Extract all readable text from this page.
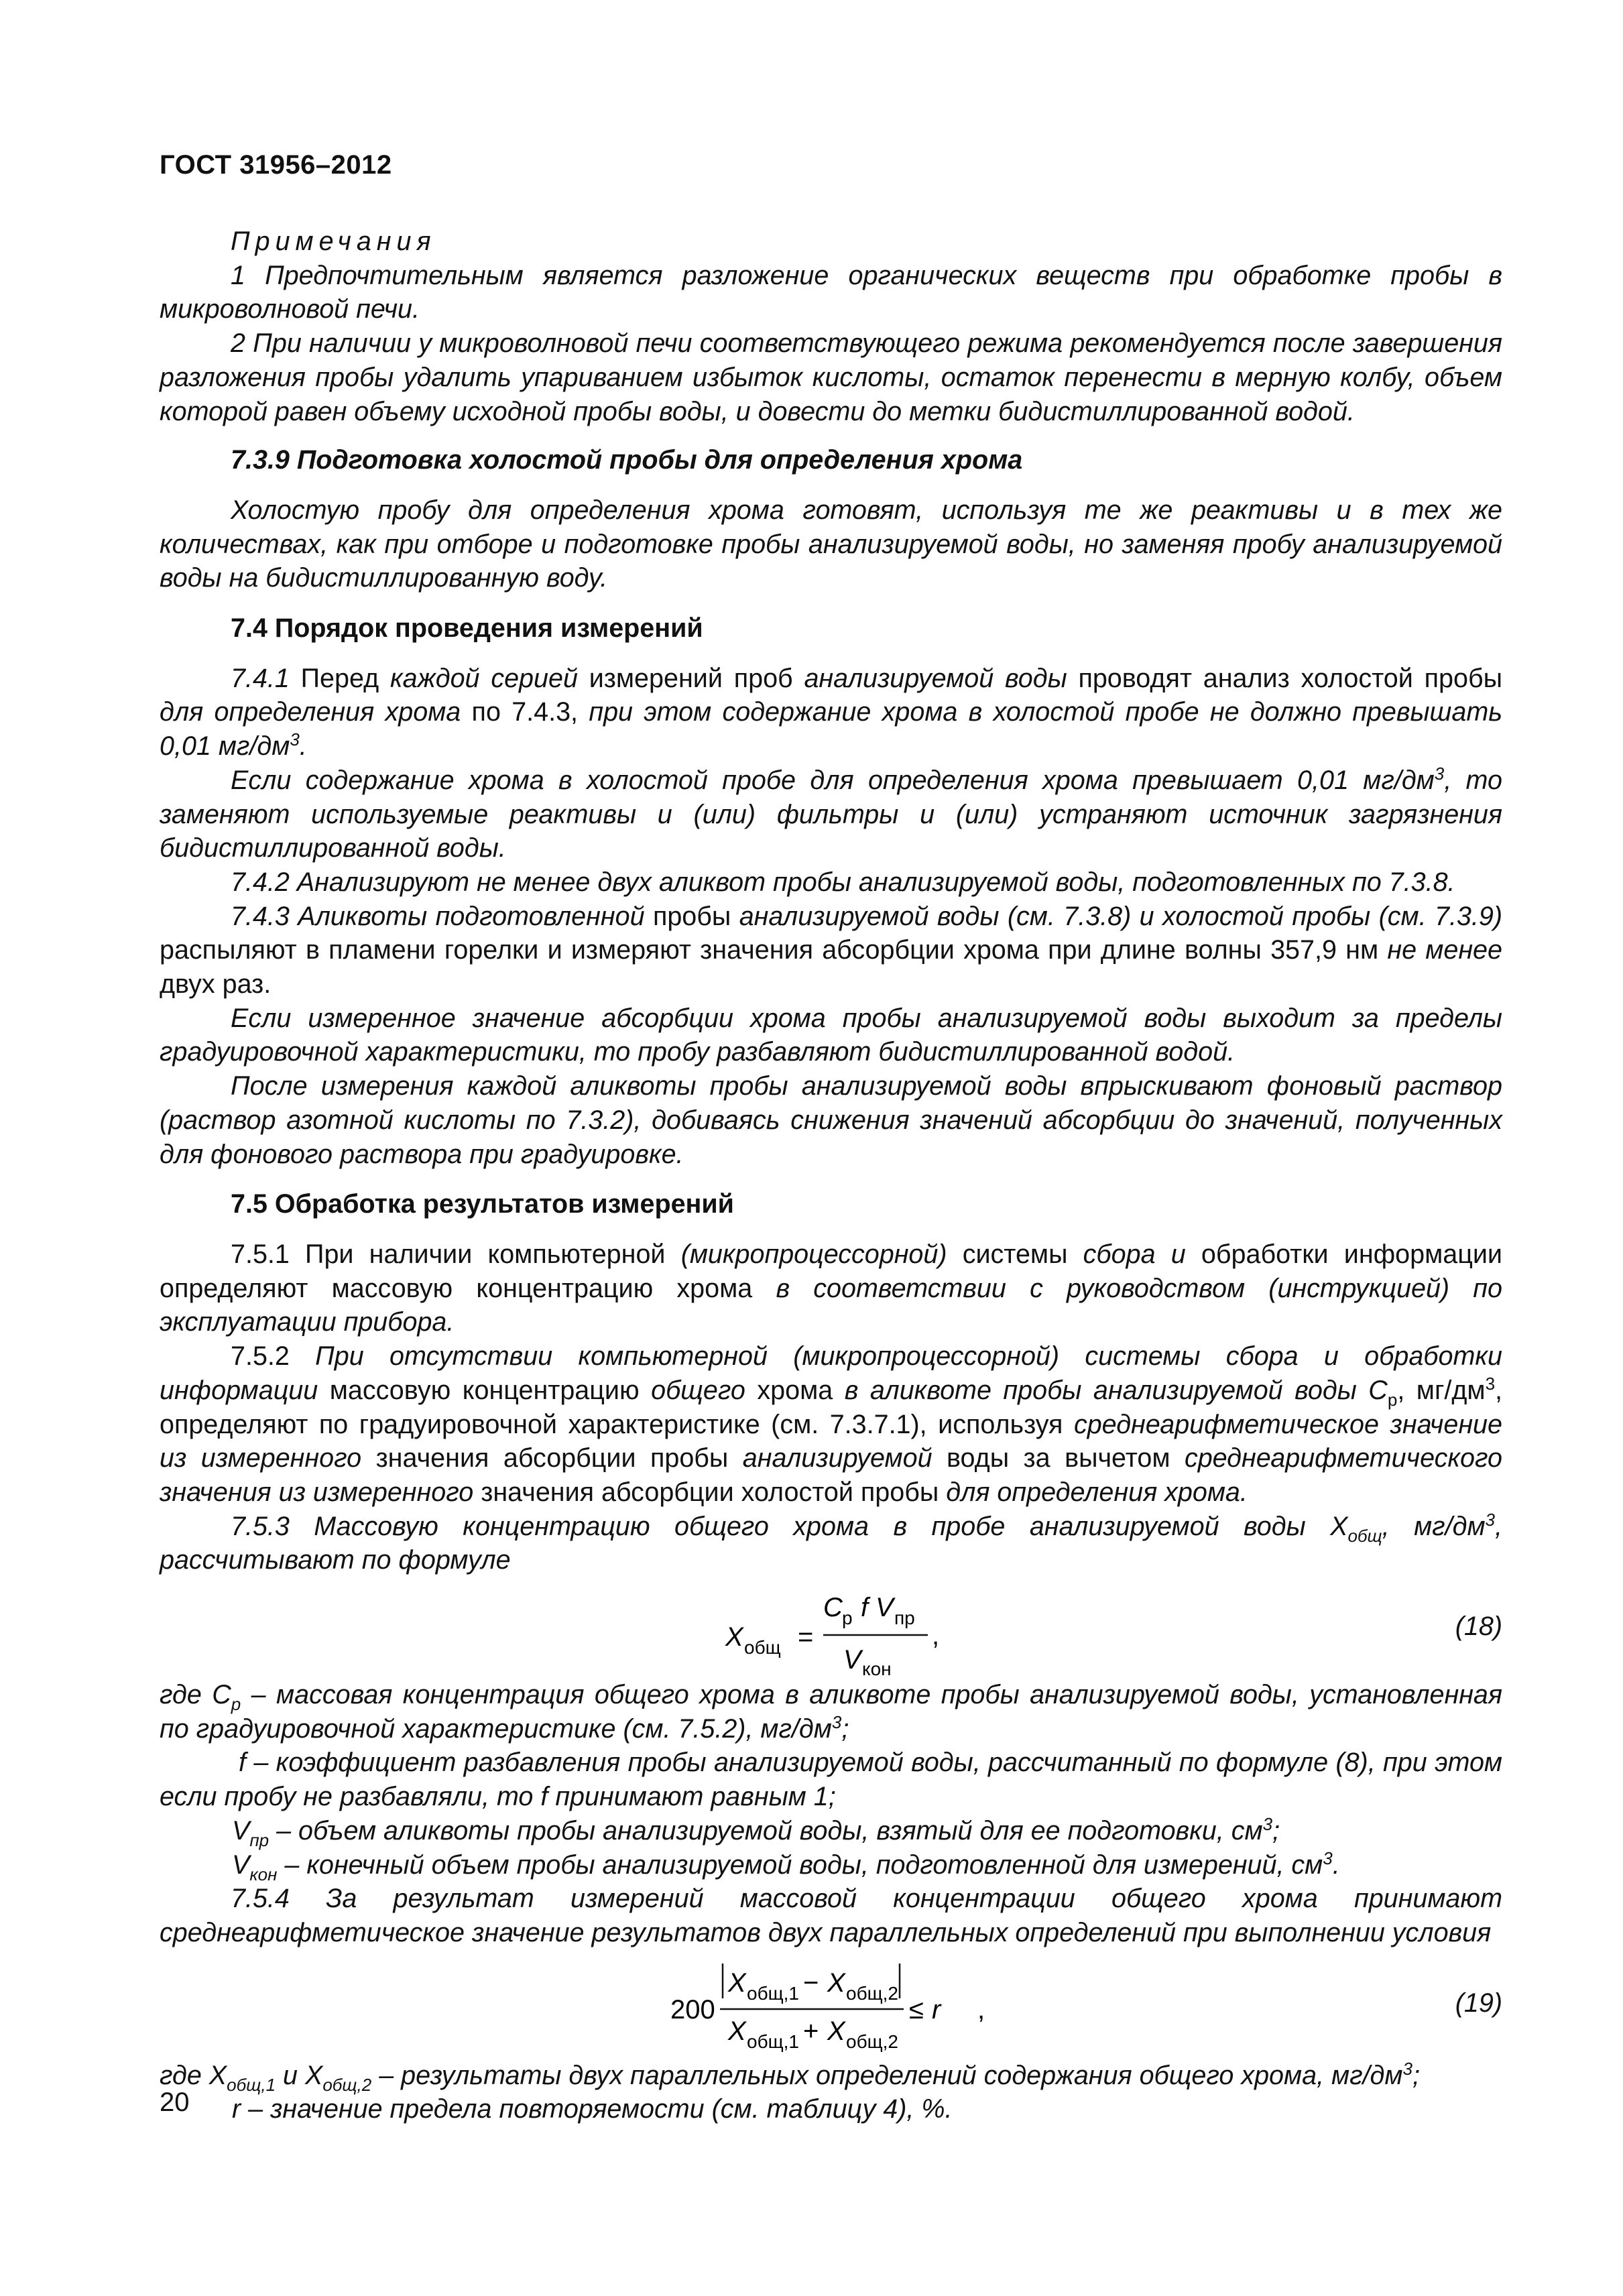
ГОСТ 31956–2012

Примечания

1 Предпочтительным является разложение органических веществ при обработке пробы в микроволновой печи.

2 При наличии у микроволновой печи соответствующего режима рекомендуется после завершения разложения пробы удалить упариванием избыток кислоты, остаток перенести в мерную колбу, объем которой равен объему исходной пробы воды, и довести до метки бидистиллированной водой.

7.3.9 Подготовка холостой пробы для определения хрома

Холостую пробу для определения хрома готовят, используя те же реактивы и в тех же количествах, как при отборе и подготовке пробы анализируемой воды, но заменяя пробу анализируемой воды на бидистиллированную воду.

7.4 Порядок проведения измерений

7.4.1 Перед каждой серией измерений проб анализируемой воды проводят анализ холостой пробы для определения хрома по 7.4.3, при этом содержание хрома в холостой пробе не должно превышать 0,01 $мг/дм^3$.

Если содержание хрома в холостой пробе для определения хрома превышает 0,01 $мг/дм^3$, то заменяют используемые реактивы и (или) фильтры и (или) устраняют источник загрязнения бидистиллированной воды.

7.4.2 Анализируют не менее двух аликвот пробы анализируемой воды, подготовленных по 7.3.8.

7.4.3 Аликвоты подготовленной пробы анализируемой воды (см. 7.3.8) и холостой пробы (см. 7.3.9) распыляют в пламени горелки и измеряют значения абсорбции хрома при длине волны 357,9 нм не менее двух раз.

Если измеренное значение абсорбции хрома пробы анализируемой воды выходит за пределы градуировочной характеристики, то пробу разбавляют бидистиллированной водой.

После измерения каждой аликвоты пробы анализируемой воды впрыскивают фоновый раствор (раствор азотной кислоты по 7.3.2), добиваясь снижения значений абсорбции до значений, полученных для фонового раствора при градуировке.

7.5 Обработка результатов измерений

7.5.1 При наличии компьютерной (микропроцессорной) системы сбора и обработки информации определяют массовую концентрацию хрома в соответствии с руководством (инструкцией) по эксплуатации прибора.

7.5.2 При отсутствии компьютерной (микропроцессорной) системы сбора и обработки информации массовую концентрацию общего хрома в аликвоте пробы анализируемой воды $C_р$, $мг/дм^3$, определяют по градуировочной характеристике (см. 7.3.7.1), используя среднеарифметическое значение из измеренного значения абсорбции пробы анализируемой воды за вычетом среднеарифметического значения из измеренного значения абсорбции холостой пробы для определения хрома.

7.5.3 Массовую концентрацию общего хрома в пробе анализируемой воды $X_{общ}$, $мг/дм^3$, рассчитывают по формуле

X общ =
C р f V пр
V кон
,	(18)

где $C_р$ – массовая концентрация общего хрома в аликвоте пробы анализируемой воды, установленная по градуировочной характеристике (см. 7.5.2), $мг/дм^3$;

f – коэффициент разбавления пробы анализируемой воды, рассчитанный по формуле (8), при этом если пробу не разбавляли, то f принимают равным 1;

$V_{пр}$ – объем аликвоты пробы анализируемой воды, взятый для ее подготовки, $см^3$;

$V_{кон}$ – конечный объем пробы анализируемой воды, подготовленной для измерений, $см^3$.

7.5.4 За результат измерений массовой концентрации общего хрома принимают среднеарифметическое значение результатов двух параллельных определений при выполнении условия

200
X общ,1 − X общ,2
X общ,1 + X общ,2
≤ r ,	(19)

где $X_{общ,1}$ и $X_{общ,2}$ – результаты двух параллельных определений содержания общего хрома, $мг/дм^3$;

r – значение предела повторяемости (см. таблицу 4), %.

20
